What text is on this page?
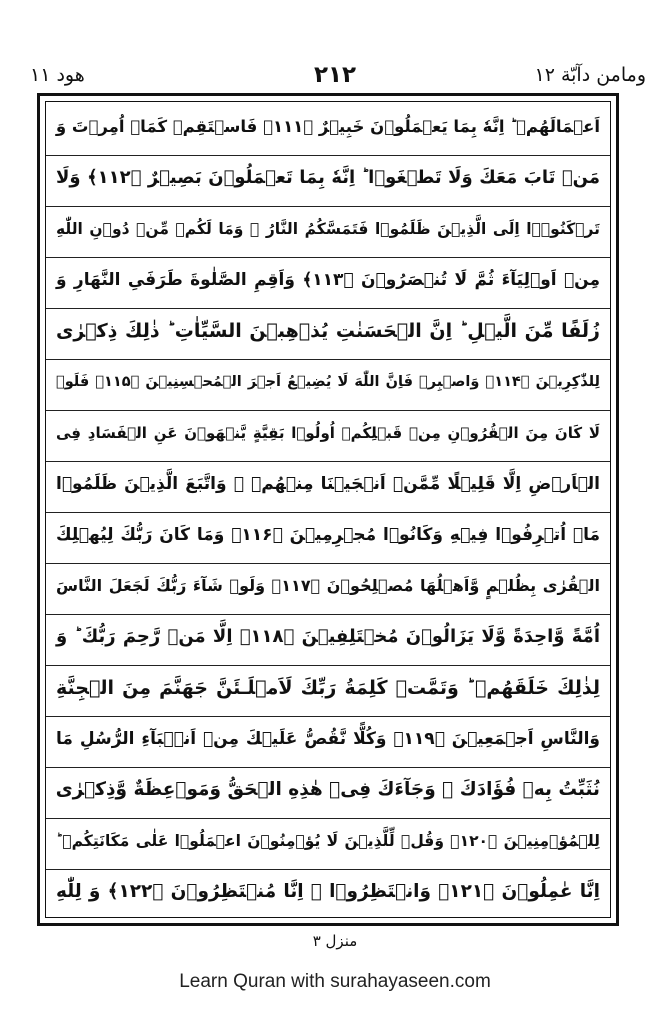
ومامن دآبّة ١٢
٢١٢
ھود ١١
اَعۡمَالَهُمۡ ؕ اِنَّهٗ بِمَا یَعۡمَلُوۡنَ خَبِیۡرٌ ﴿۱۱۱﴾ فَاسۡتَقِمۡ كَمَاۤ اُمِرۡتَ وَ
مَنۡ تَابَ مَعَكَ وَلَا تَطۡغَوۡا ؕ اِنَّهٗ بِمَا تَعۡمَلُوۡنَ بَصِیۡرٌ ﴿۱۱۲﴾ وَلَا
تَرۡكَنُوۡۤا اِلَی الَّذِیۡنَ ظَلَمُوۡا فَتَمَسَّكُمُ النَّارُ ۙ وَمَا لَكُمۡ مِّنۡ دُوۡنِ اللّٰهِ
مِنۡ اَوۡلِیَآءَ ثُمَّ لَا تُنۡصَرُوۡنَ ﴿۱۱۳﴾ وَاَقِمِ الصَّلٰوةَ طَرَفَیِ النَّهَارِ وَ
زُلَفًا مِّنَ الَّیۡلِ ؕ اِنَّ الۡحَسَنٰتِ یُذۡهِبۡنَ السَّیِّاٰتِ ؕ ذٰلِكَ ذِكۡرٰی
لِلذّٰكِرِیۡنَ ﴿۱۱۴﴾ وَاصۡبِرۡ فَاِنَّ اللّٰهَ لَا یُضِیۡعُ اَجۡرَ الۡمُحۡسِنِیۡنَ ﴿۱۱۵﴾ فَلَوۡ
لَا كَانَ مِنَ الۡقُرُوۡنِ مِنۡ قَبۡلِكُمۡ اُولُوۡا بَقِیَّةٍ یَّنۡهَوۡنَ عَنِ الۡفَسَادِ فِی
الۡاَرۡضِ اِلَّا قَلِیۡلًا مِّمَّنۡ اَنۡجَیۡنَا مِنۡهُمۡ ۚ وَاتَّبَعَ الَّذِیۡنَ ظَلَمُوۡا
مَاۤ اُتۡرِفُوۡا فِیۡهِ وَكَانُوۡا مُجۡرِمِیۡنَ ﴿۱۱۶﴾ وَمَا كَانَ رَبُّكَ لِیُهۡلِكَ
الۡقُرٰی بِظُلۡمٍ وَّاَهۡلُهَا مُصۡلِحُوۡنَ ﴿۱۱۷﴾ وَلَوۡ شَآءَ رَبُّكَ لَجَعَلَ النَّاسَ
اُمَّةً وَّاحِدَةً وَّلَا یَزَالُوۡنَ مُخۡتَلِفِیۡنَ ﴿۱۱۸﴾ اِلَّا مَنۡ رَّحِمَ رَبُّكَ ؕ وَ
لِذٰلِكَ خَلَقَهُمۡ ؕ وَتَمَّتۡ كَلِمَةُ رَبِّكَ لَاَمۡلَـئَنَّ جَهَنَّمَ مِنَ الۡجِنَّةِ
وَالنَّاسِ اَجۡمَعِیۡنَ ﴿۱۱۹﴾ وَكُلًّا نَّقُصُّ عَلَیۡكَ مِنۡ اَنۡۢبَآءِ الرُّسُلِ مَا
نُثَبِّتُ بِهٖ فُؤَادَكَ ۚ وَجَآءَكَ فِیۡ هٰذِهِ الۡحَقُّ وَمَوۡعِظَةٌ وَّذِكۡرٰی
لِلۡمُؤۡمِنِیۡنَ ﴿۱۲۰﴾ وَقُلۡ لِّلَّذِیۡنَ لَا یُؤۡمِنُوۡنَ اعۡمَلُوۡا عَلٰی مَكَانَتِكُمۡ ؕ
اِنَّا عٰمِلُوۡنَ ﴿۱۲۱﴾ وَانۡتَظِرُوۡا ۚ اِنَّا مُنۡتَظِرُوۡنَ ﴿۱۲۲﴾ وَ لِلّٰهِ
منزل ٣
Learn Quran with surahayaseen.com
